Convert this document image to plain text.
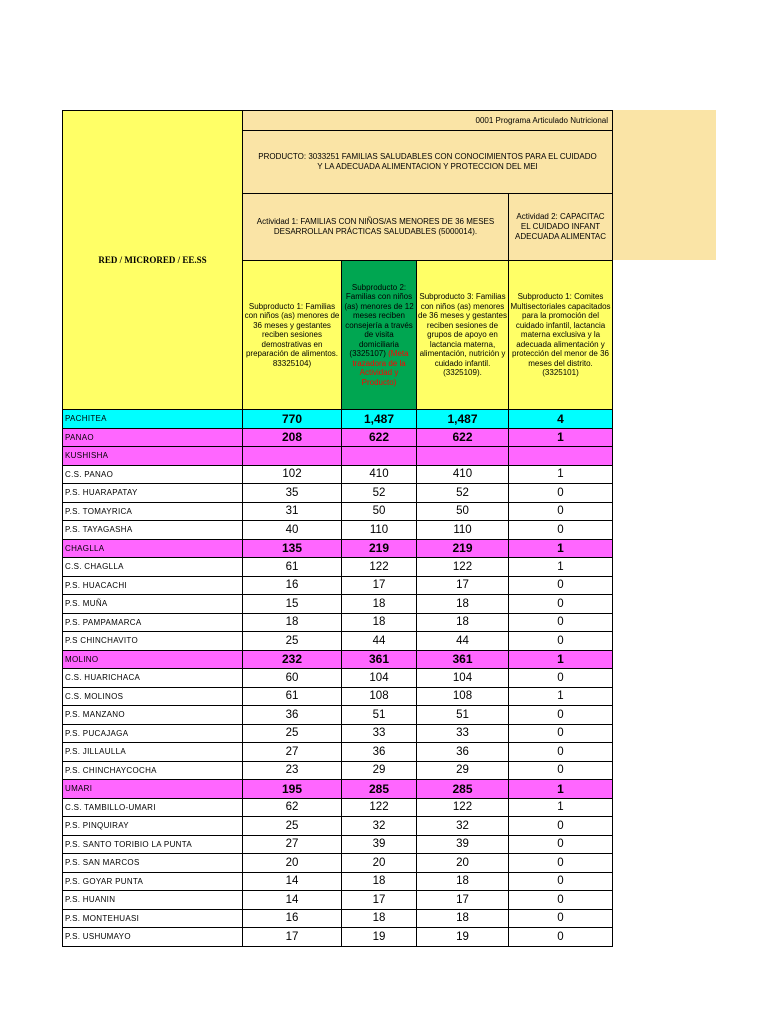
RED / MICRORED / EE.SS	0001 Programa Articulado Nutricional			

	PRODUCTO: 3033251 FAMILIAS SALUDABLES CON CONOCIMIENTOS PARA EL CUIDADO
Y LA ADECUADA ALIMENTACION Y PROTECCION DEL MEI			

	Actividad 1: FAMILIAS CON NIÑOS/AS MENORES DE 36 MESES DESARROLLAN PRÁCTICAS SALUDABLES (5000014).			Actividad 2: CAPACITAC
EL CUIDADO INFANT
ADECUADA ALIMENTAC

	Subproducto 1: Familias con niños (as) menores de 36 meses y gestantes reciben sesiones demostrativas en preparación de alimentos. 83325104)	Subproducto 2: Familias con niños (as) menores de 12 meses reciben consejería a través de visita domiciliaria (3325107) (Meta trazadora de la Actividad y Producto)	Subproducto 3: Familias con niños (as) menores de 36 meses y gestantes reciben sesiones de grupos de apoyo en lactancia materna, alimentación, nutrición y cuidado infantil. (3325109).	Subproducto 1: Comites Multisectoriales capacitados para la promoción del cuidado infantil, lactancia materna exclusiva y la adecuada alimentación y protección del menor de 36 meses del distrito. (3325101)
PACHITEA	770	1,487	1,487	4
PANAO	208	622	622	1
KUSHISHA				
C.S. PANAO	102	410	410	1
P.S. HUARAPATAY	35	52	52	0
P.S. TOMAYRICA	31	50	50	0
P.S. TAYAGASHA	40	110	110	0
CHAGLLA	135	219	219	1
C.S. CHAGLLA	61	122	122	1
P.S. HUACACHI	16	17	17	0
P.S. MUÑA	15	18	18	0
P.S. PAMPAMARCA	18	18	18	0
P.S CHINCHAVITO	25	44	44	0
MOLINO	232	361	361	1
C.S. HUARICHACA	60	104	104	0
C.S. MOLINOS	61	108	108	1
P.S. MANZANO	36	51	51	0
P.S. PUCAJAGA	25	33	33	0
P.S. JILLAULLA	27	36	36	0
P.S. CHINCHAYCOCHA	23	29	29	0
UMARI	195	285	285	1
C.S. TAMBILLO-UMARI	62	122	122	1
P.S. PINQUIRAY	25	32	32	0
P.S. SANTO TORIBIO LA PUNTA	27	39	39	0
P.S. SAN MARCOS	20	20	20	0
P.S. GOYAR PUNTA	14	18	18	0
P.S. HUANIN	14	17	17	0
P.S. MONTEHUASI	16	18	18	0
P.S. USHUMAYO	17	19	19	0
